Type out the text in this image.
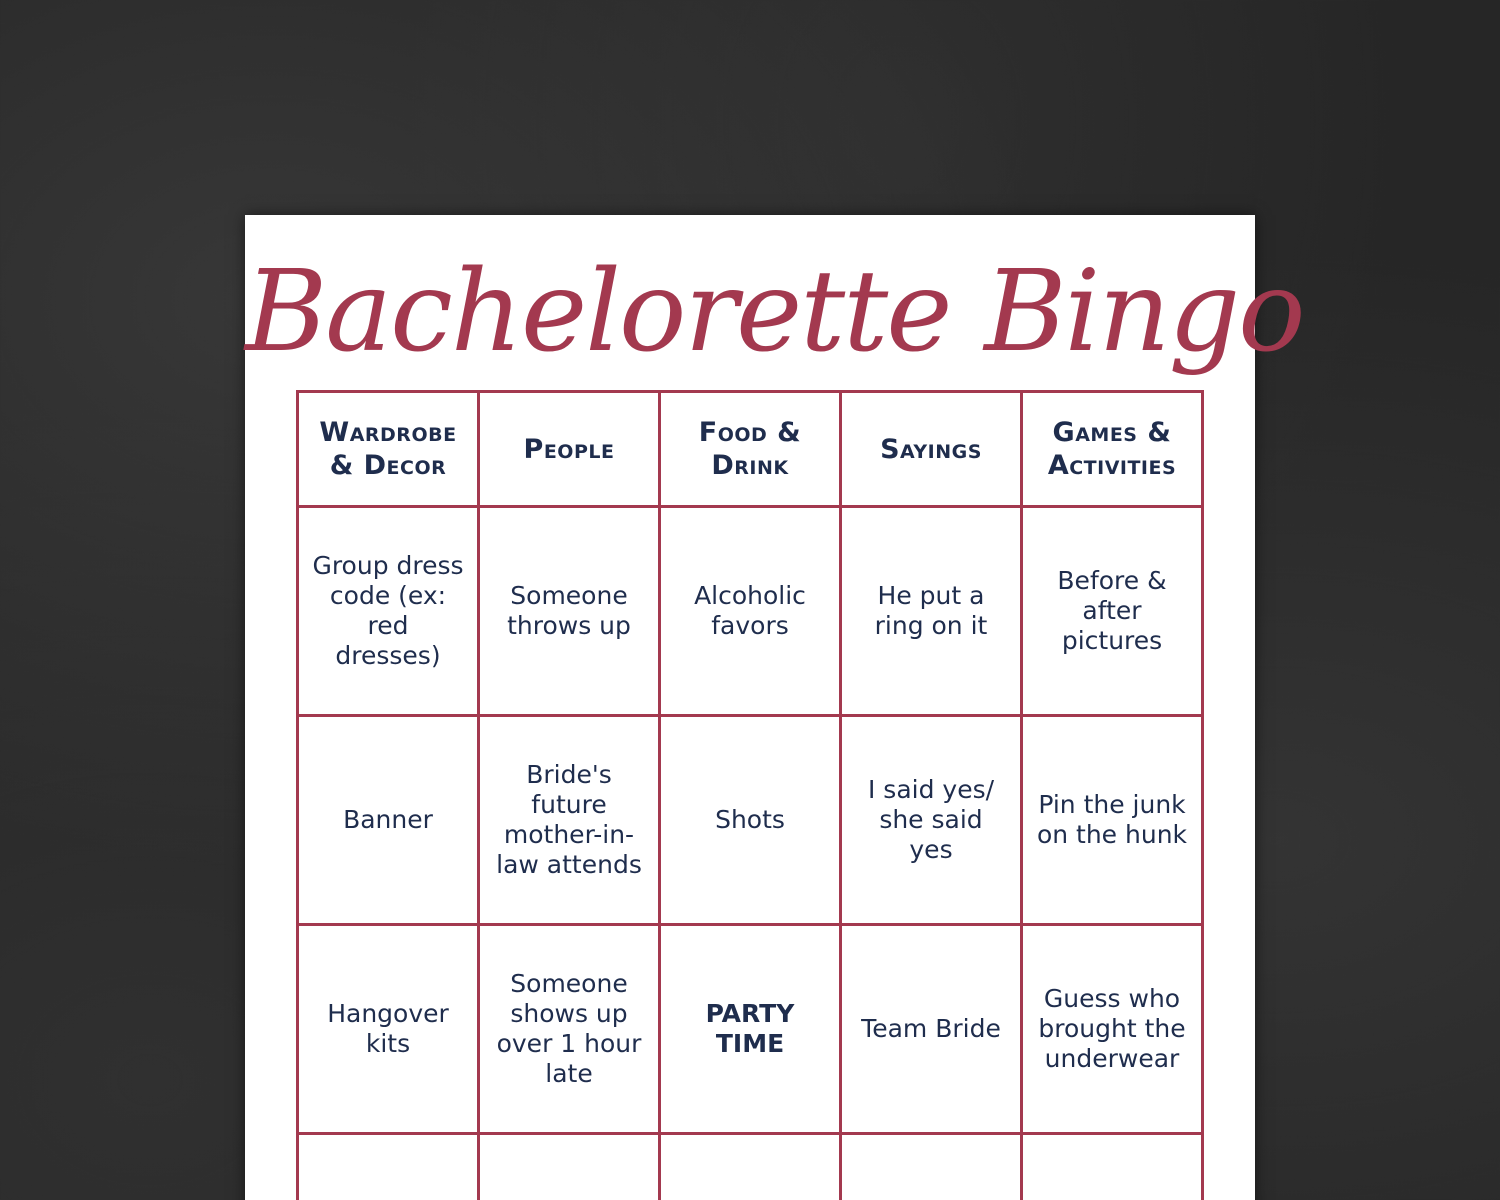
Bachelorette Bingo
Wardrobe & Decor	People	Food & Drink	Sayings	Games & Activities
Group dress code (ex: red dresses)	Someone throws up	Alcoholic favors	He put a ring on it	Before & after pictures
Banner	Bride's future mother-in-law attends	Shots	I said yes/ she said yes	Pin the junk on the hunk
Hangover kits	Someone shows up over 1 hour late	PARTY TIME	Team Bride	Guess who brought the underwear
